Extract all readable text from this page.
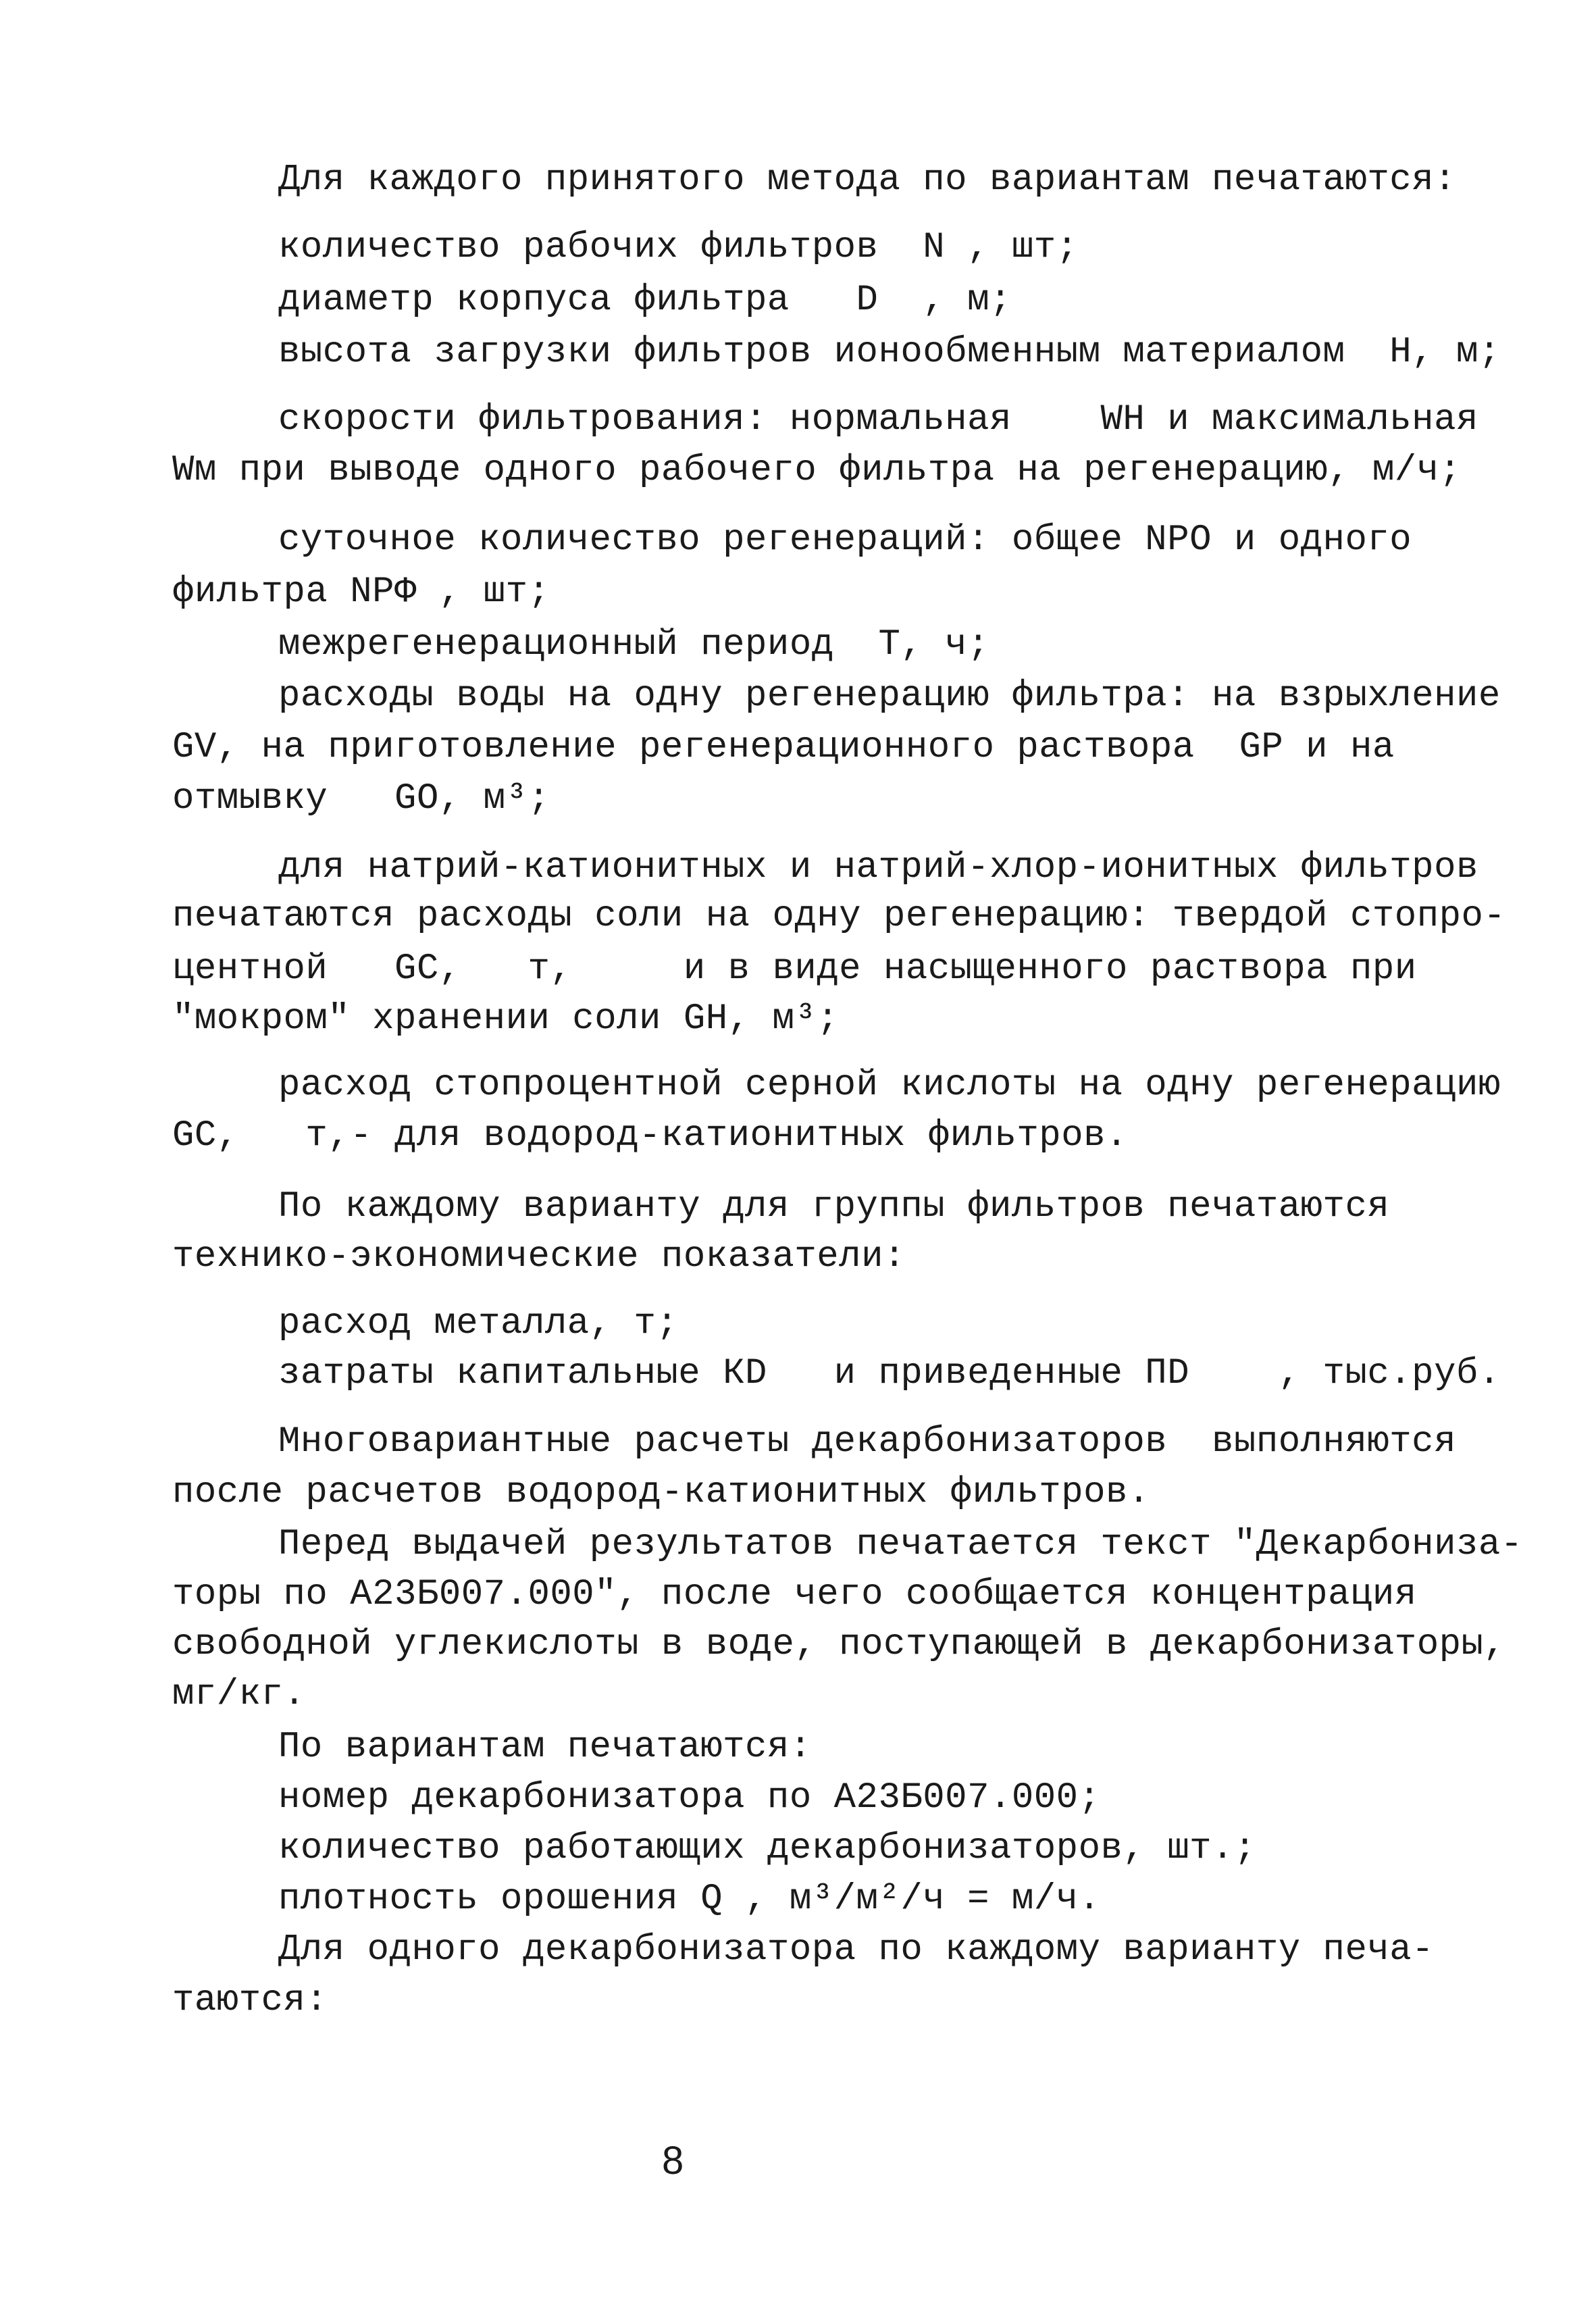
Для каждого принятого метода по вариантам печатаются:
количество рабочих фильтров  N , шт;
диаметр корпуса фильтра   D  , м;
высота загрузки фильтров ионообменным материалом  Н, м;
скорости фильтрования: нормальная    WН и максимальная
Wм при выводе одного рабочего фильтра на регенерацию, м/ч;
суточное количество регенераций: общее NРО и одного
фильтра NРФ , шт;
межрегенерационный период  Т, ч;
расходы воды на одну регенерацию фильтра: на взрыхление
GV, на приготовление регенерационного раствора  GР и на
отмывку   GО, м³;
для натрий-катионитных и натрий-хлор-ионитных фильтров
печатаются расходы соли на одну регенерацию: твердой стопро-
центной   GС,   т,     и в виде насыщенного раствора при
"мокром" хранении соли GН, м³;
расход стопроцентной серной кислоты на одну регенерацию
GC,   т,- для водород-катионитных фильтров.
По каждому варианту для группы фильтров печатаются
технико-экономические показатели:
расход металла, т;
затраты капитальные КD   и приведенные ПD    , тыс.руб.
Многовариантные расчеты декарбонизаторов  выполняются
после расчетов водород-катионитных фильтров.
Перед выдачей результатов печатается текст "Декарбониза-
торы по А23Б007.000", после чего сообщается концентрация
свободной углекислоты в воде, поступающей в декарбонизаторы,
мг/кг.
По вариантам печатаются:
номер декарбонизатора по А23Б007.000;
количество работающих декарбонизаторов, шт.;
плотность орошения Q , м³/м²/ч = м/ч.
Для одного декарбонизатора по каждому варианту печа-
таются:
8
